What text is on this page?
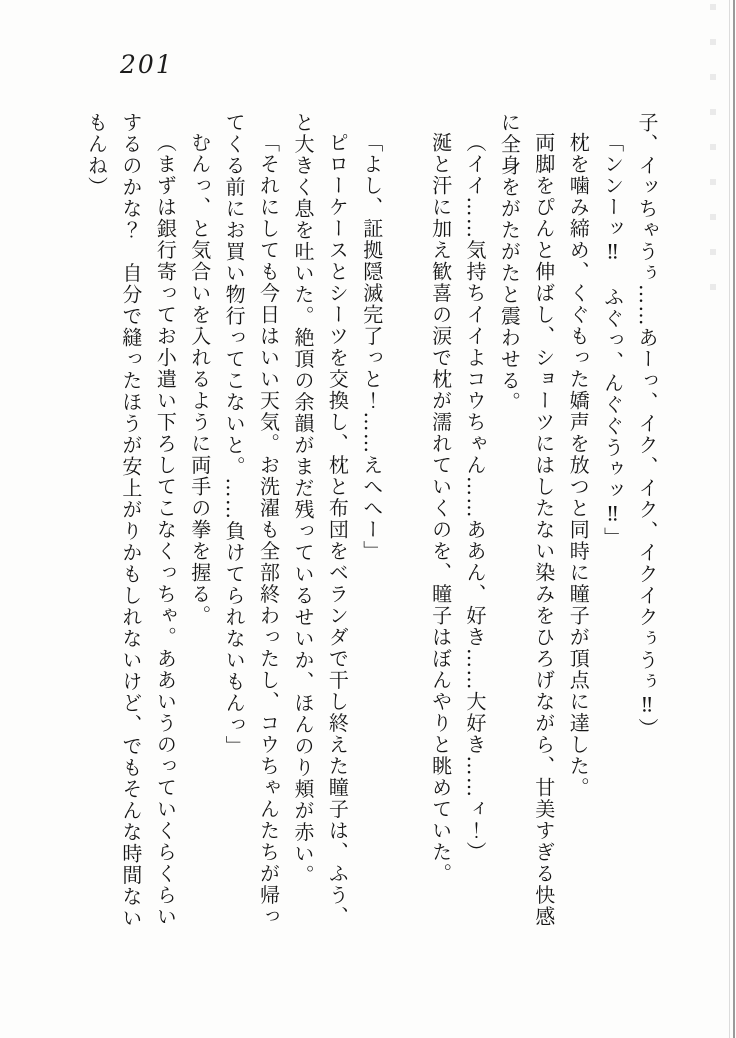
201

子、イッちゃうぅ……あーっ、イク、イク、イクイクぅうぅ‼）

「ンンーッ‼　ふぐっ、んぐぐうゥッ‼」

枕を噛み締め、くぐもった嬌声を放つと同時に瞳子が頂点に達した。

両脚をぴんと伸ばし、ショーツにはしたない染みをひろげながら、甘美すぎる快感に全身をがたがたと震わせる。

（イイ……気持ちイイよコウちゃん……ああん、好き……大好き……ィ！）

涎と汗に加え歓喜の涙で枕が濡れていくのを、瞳子はぼんやりと眺めていた。

「よし、証拠隠滅完了っと！……えへへー」

ピローケースとシーツを交換し、枕と布団をベランダで干し終えた瞳子は、ふう、と大きく息を吐いた。絶頂の余韻がまだ残っているせいか、ほんのり頬が赤い。

「それにしても今日はいい天気。お洗濯も全部終わったし、コウちゃんたちが帰ってくる前にお買い物行ってこないと。……負けてられないもんっ」

むんっ、と気合いを入れるように両手の拳を握る。

（まずは銀行寄ってお小遣い下ろしてこなくっちゃ。ああいうのっていくらくらいするのかな？　自分で縫ったほうが安上がりかもしれないけど、でもそんな時間ないもんね）
